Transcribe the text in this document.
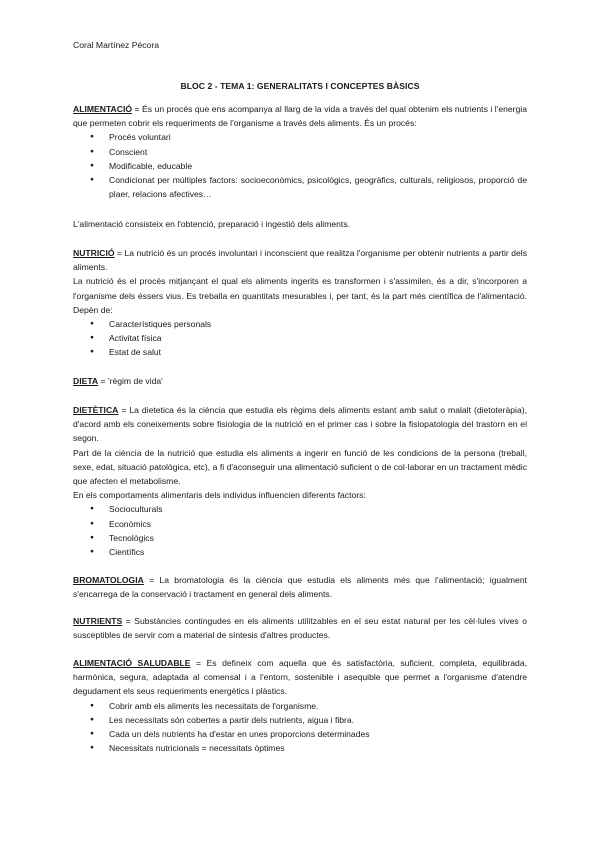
Coral Martínez Pécora
BLOC 2 - TEMA 1: GENERALITATS I CONCEPTES BÀSICS

ALIMENTACIÓ = És un procés que ens acompanya al llarg de la vida a través del qual obtenim els nutrients i l'energia que permeten cobrir els requeriments de l'organisme a través dels aliments. És un procés:

● Procés voluntari
● Conscient
● Modificable, educable
● Condicionat per múltiples factors: socioeconòmics, psicològics, geogràfics, culturals, religiosos, proporció de plaer, relacions afectives…
L'alimentació consisteix en l'obtenció, preparació i ingestió dels aliments.

NUTRICIÓ = La nutrició és un procés involuntari i inconscient que realitza l'organisme per obtenir nutrients a partir dels aliments.

La nutrició és el procés mitjançant el qual els aliments ingerits es transformen i s'assimilen, és a dir, s'incorporen a l'organisme dels éssers vius. Es treballa en quantitats mesurables i, per tant, és la part més científica de l'alimentació. Depèn de:

● Característiques personals
● Activitat física
● Estat de salut

DIETA = 'règim de vida'

DIETÈTICA = La dietetica és la ciència que estudia els règims dels aliments estant amb salut o malalt (dietoteràpia), d'acord amb els coneixements sobre fisiologia de la nutrició en el primer cas i sobre la fisiopatologia del trastorn en el segon.

Part de la ciència de la nutrició que estudia els aliments a ingerir en funció de les condicions de la persona (treball, sexe, edat, situació patològica, etc), a fi d'aconseguir una alimentació suficient o de col·laborar en un tractament mèdic que afecten el metabolisme.

En els comportaments alimentaris dels individus influencien diferents factors:

● Socioculturals
● Econòmics
● Tecnològics
● Científics

BROMATOLOGIA = La bromatologia és la ciència que estudia els aliments més que l'alimentació; igualment s'encarrega de la conservació i tractament en general dels aliments.

NUTRIENTS = Substàncies contingudes en els aliments utilitzables en el seu estat natural per les cèl·lules vives o susceptibles de servir com a material de síntesis d'altres productes.

ALIMENTACIÓ SALUDABLE = Es defineix com aquella que és satisfactòria, suficient, completa, equilibrada, harmònica, segura, adaptada al comensal i a l'entorn, sostenible i asequible que permet a l'organisme d'atendre degudament els seus requeriments energètics i plàstics.

● Cobrir amb els aliments les necessitats de l'organisme.
● Les necessitats són cobertes a partir dels nutrients, aigua i fibra.
● Cada un dels nutrients ha d'estar en unes proporcions determinades
● Necessitats nutricionals = necessitats òptimes
